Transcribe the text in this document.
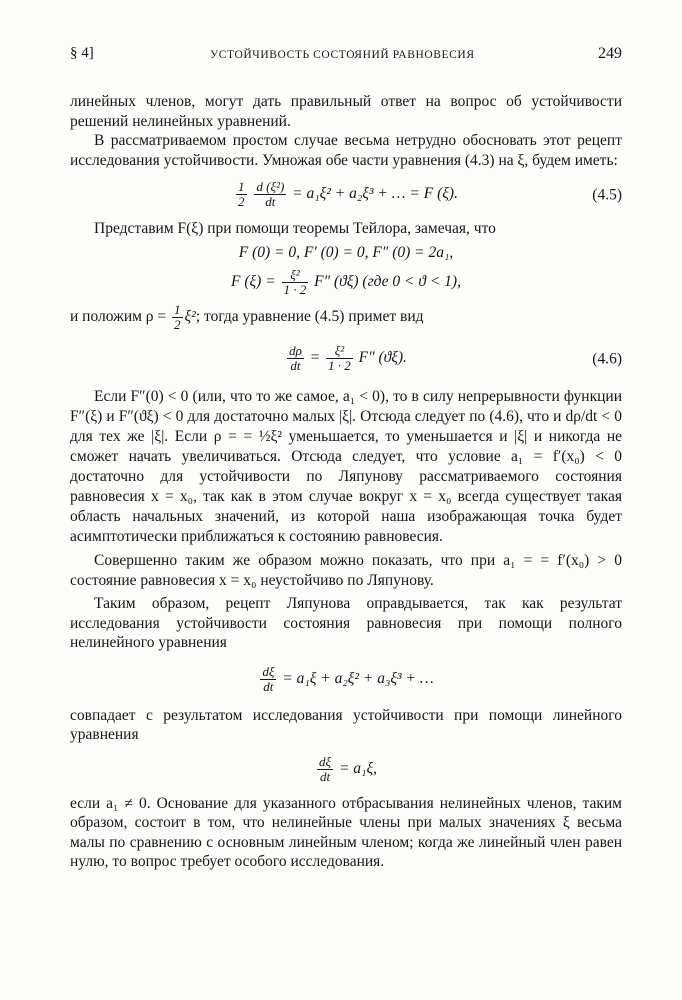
§ 4]	УСТОЙЧИВОСТЬ СОСТОЯНИЙ РАВНОВЕСИЯ	249

линейных членов, могут дать правильный ответ на вопрос об устойчивости решений нелинейных уравнений.

В рассматриваемом простом случае весьма нетрудно обосновать этот рецепт исследования устойчивости. Умножая обе части уравнения (4.3) на ξ, будем иметь:

$\frac{1}{2}$
$\frac{\text{d (ξ²)}}{dt} = a_1\xi^2 + a_2\xi^3$ + … = F (ξ).	(4.5)

Представим F(ξ) при помощи теоремы Тейлора, замечая, что

F (0) = 0, F′ (0) = 0, F″ (0) = 2a₁,
F $(\xi) = \frac{\text{ξ²}}{1 \cdot 2} F''$ (ϑξ) (где 0 < ϑ < 1),

и положим $\rho = \frac{1}{2} \xi^2$; тогда уравнение (4.5) примет вид

$\frac{d\rho}{dt} = \frac{\text{ξ²}}{1 \cdot 2} F''$ (ϑξ).	(4.6)

Если F″(0) < 0 (или, что то же самое, a₁ < 0), то в силу непрерывности функции F″(ξ) и F″(ϑξ) < 0 для достаточно малых |ξ|. Отсюда следует по (4.6), что и dρ/dt < 0 для тех же |ξ|. Если ρ = = ½ξ² уменьшается, то уменьшается и |ξ| и никогда не сможет начать увеличиваться. Отсюда следует, что условие a₁ = f′(x₀) < 0 достаточно для устойчивости по Ляпунову рассматриваемого состояния равновесия x = x₀, так как в этом случае вокруг x = x₀ всегда существует такая область начальных значений, из которой наша изображающая точка будет асимптотически приближаться к состоянию равновесия.

Совершенно таким же образом можно показать, что при a₁ = = f′(x₀) > 0 состояние равновесия x = x₀ неустойчиво по Ляпунову.

Таким образом, рецепт Ляпунова оправдывается, так как результат исследования устойчивости состояния равновесия при помощи полного нелинейного уравнения

$\frac{d\xi}{dt} = a_1\xi + a_2\xi^2 + a_3\xi^3$ + …

совпадает с результатом исследования устойчивости при помощи линейного уравнения

$\frac{d\xi}{dt} = a_1\xi$,

если a₁ ≠ 0. Основание для указанного отбрасывания нелинейных членов, таким образом, состоит в том, что нелинейные члены при малых значениях ξ весьма малы по сравнению с основным линейным членом; когда же линейный член равен нулю, то вопрос требует особого исследования.
